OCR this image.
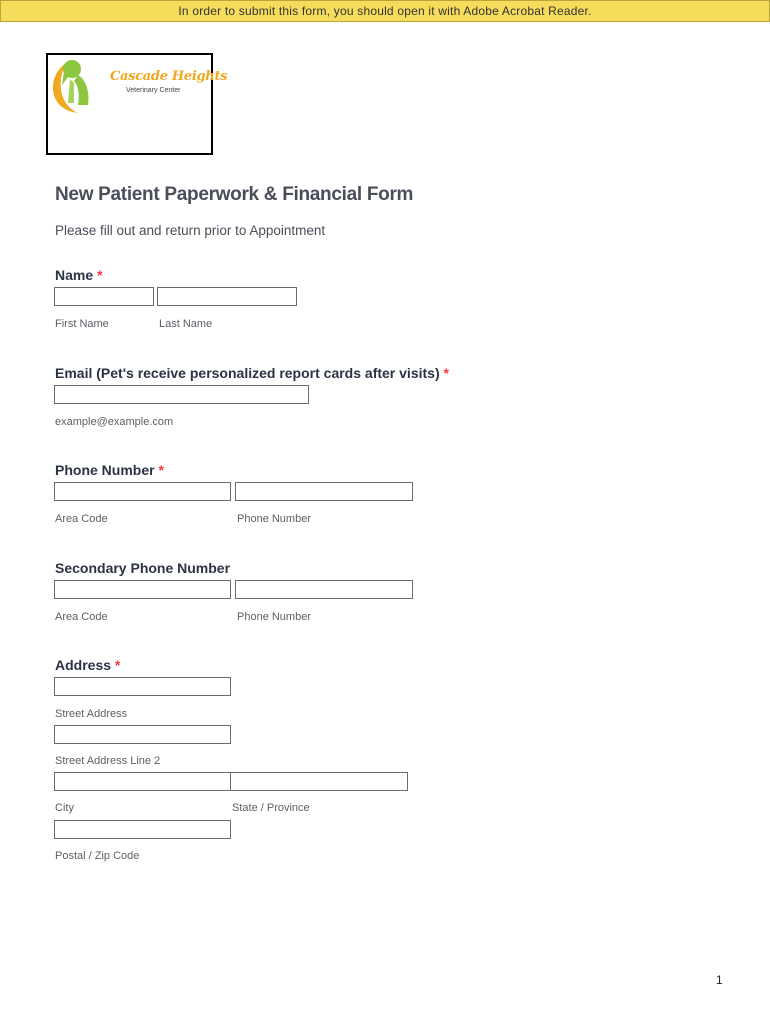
In order to submit this form, you should open it with Adobe Acrobat Reader.
Cascade Heights
Veterinary Center
New Patient Paperwork & Financial Form
Please fill out and return prior to Appointment
Name *
First Name	Last Name
Email (Pet's receive personalized report cards after visits) *
example@example.com
Phone Number *
Area Code	Phone Number
Secondary Phone Number
Area Code	Phone Number
Address *
Street Address
Street Address Line 2
City	State / Province
Postal / Zip Code
1
